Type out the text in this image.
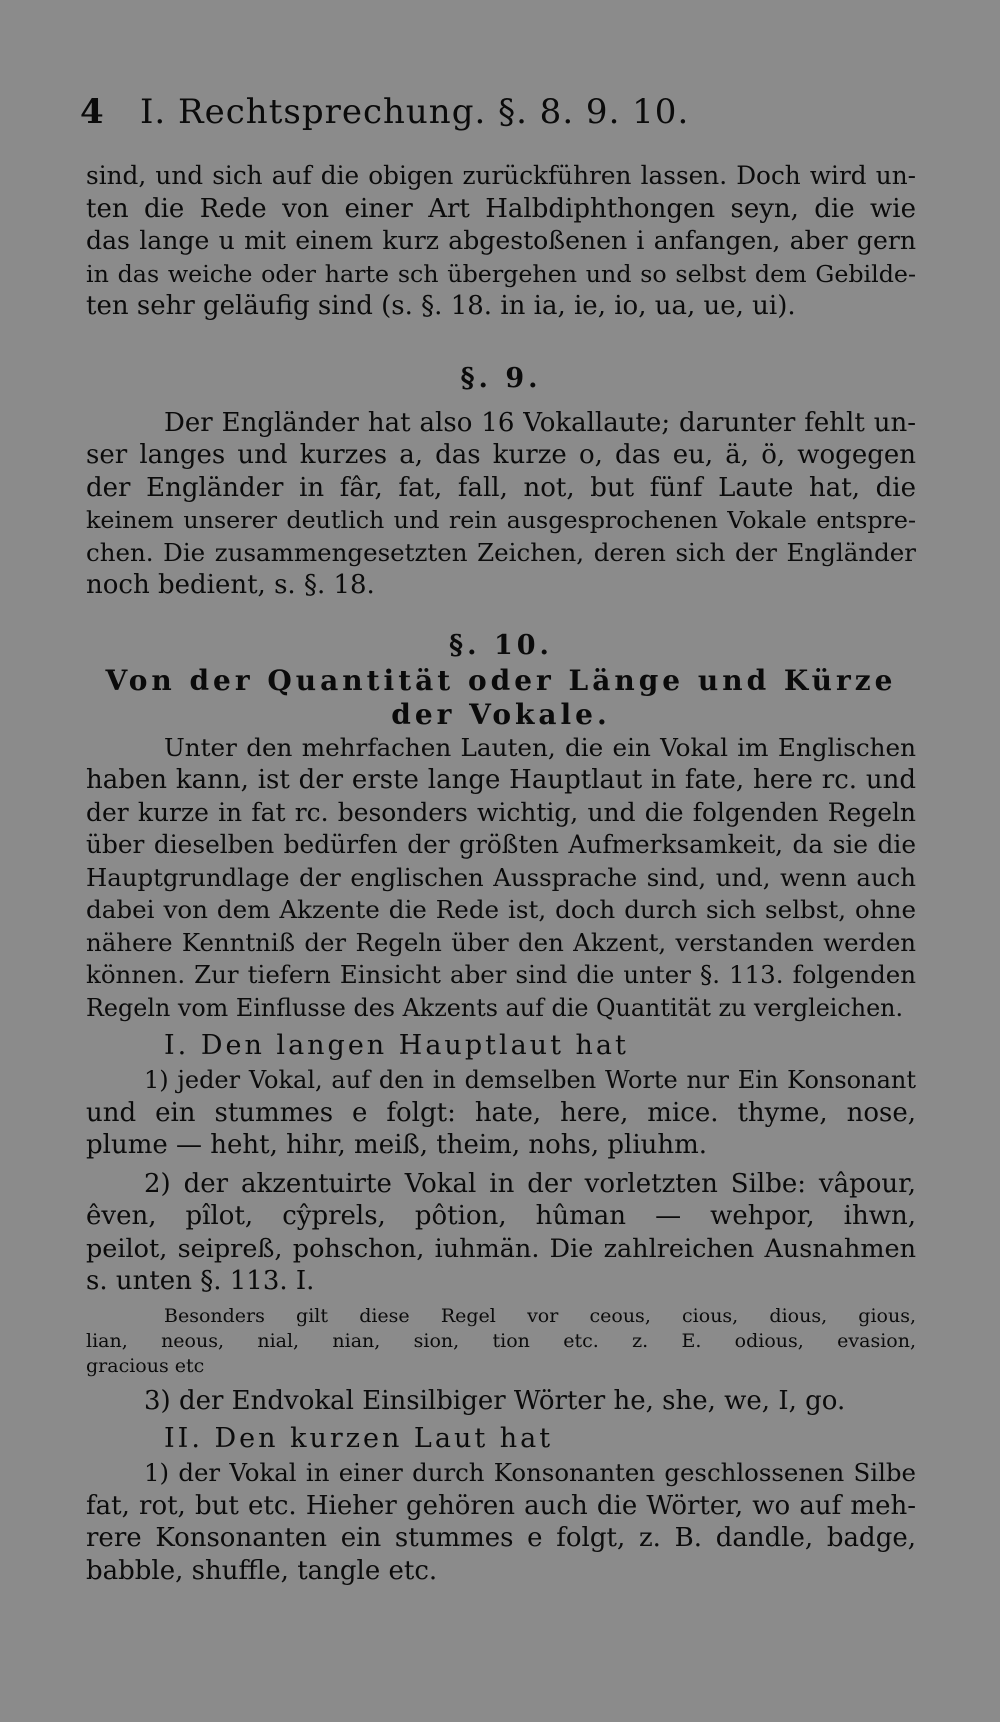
4	I. Rechtsprechung. §. 8. 9. 10.
sind, und sich auf die obigen zurückführen lassen. Doch wird un-
ten die Rede von einer Art Halbdiphthongen seyn, die wie
das lange u mit einem kurz abgestoßenen i anfangen, aber gern
in das weiche oder harte sch übergehen und so selbst dem Gebilde-
ten sehr geläufig sind (s. §. 18. in ia, ie, io, ua, ue, ui).
§. 9.
Der Engländer hat also 16 Vokallaute; darunter fehlt un-
ser langes und kurzes a, das kurze o, das eu, ä, ö, wogegen
der Engländer in fâr, fat, fall, not, but fünf Laute hat, die
keinem unserer deutlich und rein ausgesprochenen Vokale entspre-
chen. Die zusammengesetzten Zeichen, deren sich der Engländer
noch bedient, s. §. 18.
§. 10.
Von der Quantität oder Länge und Kürze
der Vokale.
Unter den mehrfachen Lauten, die ein Vokal im Englischen
haben kann, ist der erste lange Hauptlaut in fate, here rc. und
der kurze in fat rc. besonders wichtig, und die folgenden Regeln
über dieselben bedürfen der größten Aufmerksamkeit, da sie die
Hauptgrundlage der englischen Aussprache sind, und, wenn auch
dabei von dem Akzente die Rede ist, doch durch sich selbst, ohne
nähere Kenntniß der Regeln über den Akzent, verstanden werden
können. Zur tiefern Einsicht aber sind die unter §. 113. folgenden
Regeln vom Einflusse des Akzents auf die Quantität zu vergleichen.
I. Den langen Hauptlaut hat
1) jeder Vokal, auf den in demselben Worte nur Ein Konsonant
und ein stummes e folgt: hate, here, mice. thyme, nose,
plume — heht, hihr, meiß, theim, nohs, pliuhm.
2) der akzentuirte Vokal in der vorletzten Silbe: vâpour,
êven, pîlot, cŷprels, pôtion, hûman — wehpor, ihwn,
peilot, seipreß, pohschon, iuhmän. Die zahlreichen Ausnahmen
s. unten §. 113. I.
Besonders gilt diese Regel vor ceous, cious, dious, gious,
lian, neous, nial, nian, sion, tion etc. z. E. odious, evasion,
gracious etc
3) der Endvokal Einsilbiger Wörter he, she, we, I, go.
II. Den kurzen Laut hat
1) der Vokal in einer durch Konsonanten geschlossenen Silbe
fat, rot, but etc. Hieher gehören auch die Wörter, wo auf meh-
rere Konsonanten ein stummes e folgt, z. B. dandle, badge,
babble, shuffle, tangle etc.
